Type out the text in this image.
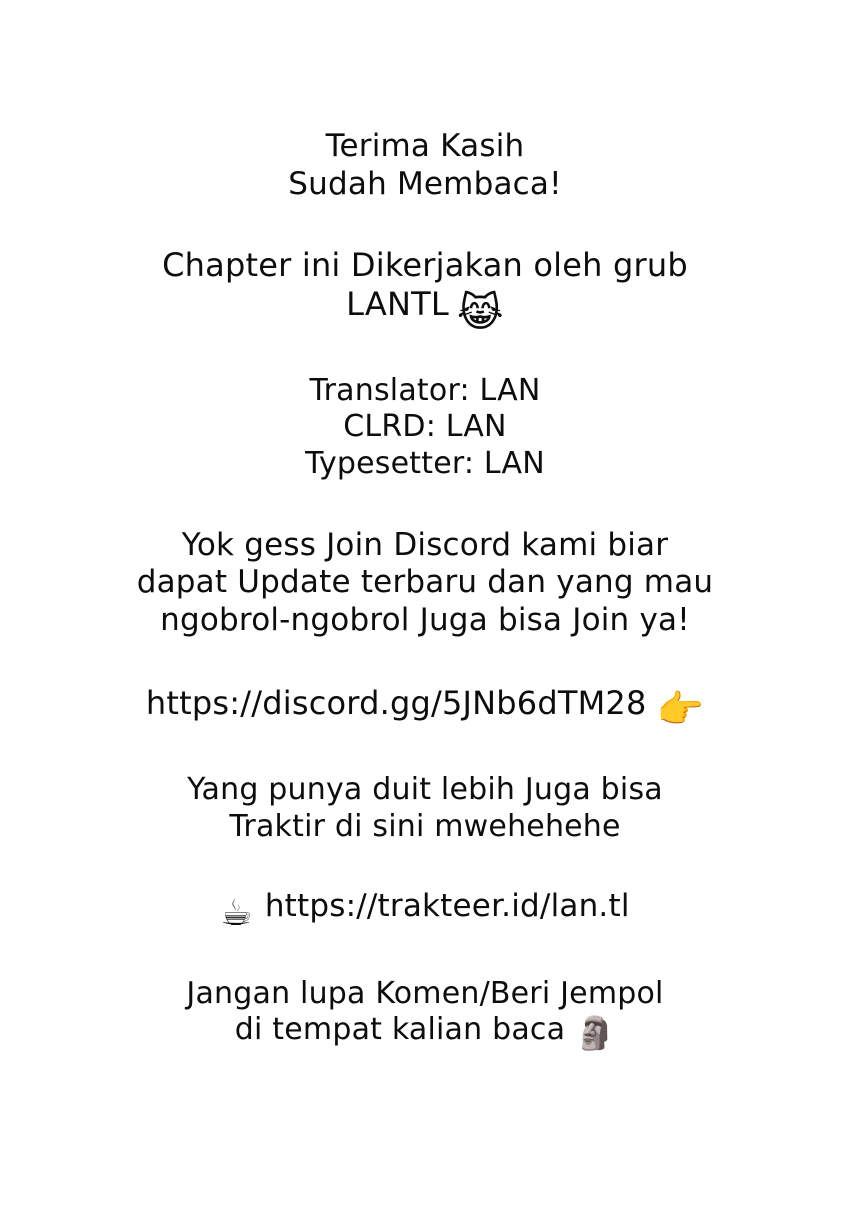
Terima Kasih
Sudah Membaca!
Chapter ini Dikerjakan oleh grub
LANTL 😹
Translator: LAN
CLRD: LAN
Typesetter: LAN
Yok gess Join Discord kami biar
dapat Update terbaru dan yang mau
ngobrol-ngobrol Juga bisa Join ya!
https://discord.gg/5JNb6dTM28 👉
Yang punya duit lebih Juga bisa
Traktir di sini mwehehehe
☕ https://trakteer.id/lan.tl
Jangan lupa Komen/Beri Jempol
di tempat kalian baca 🗿
